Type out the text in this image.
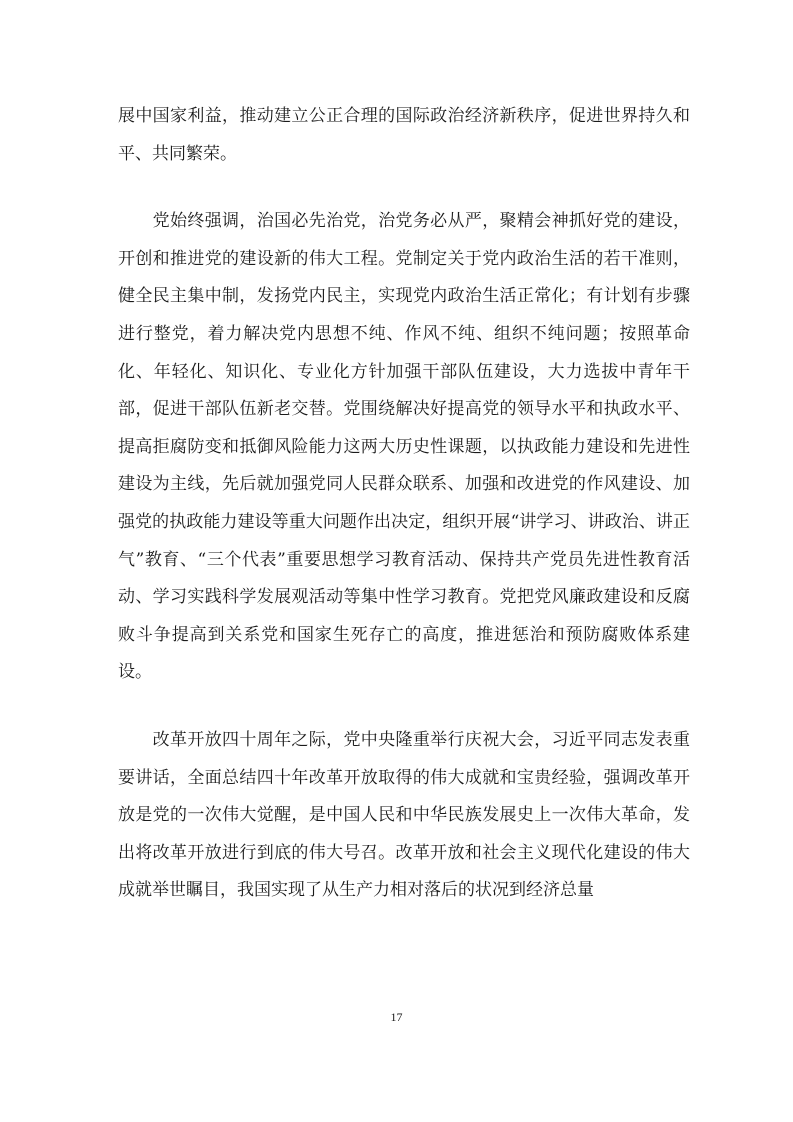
展中国家利益，推动建立公正合理的国际政治经济新秩序，促进世界持久和平、共同繁荣。

　　党始终强调，治国必先治党，治党务必从严，聚精会神抓好党的建设，开创和推进党的建设新的伟大工程。党制定关于党内政治生活的若干准则，健全民主集中制，发扬党内民主，实现党内政治生活正常化；有计划有步骤进行整党，着力解决党内思想不纯、作风不纯、组织不纯问题；按照革命化、年轻化、知识化、专业化方针加强干部队伍建设，大力选拔中青年干部，促进干部队伍新老交替。党围绕解决好提高党的领导水平和执政水平、提高拒腐防变和抵御风险能力这两大历史性课题，以执政能力建设和先进性建设为主线，先后就加强党同人民群众联系、加强和改进党的作风建设、加强党的执政能力建设等重大问题作出决定，组织开展“讲学习、讲政治、讲正气”教育、“三个代表”重要思想学习教育活动、保持共产党员先进性教育活动、学习实践科学发展观活动等集中性学习教育。党把党风廉政建设和反腐败斗争提高到关系党和国家生死存亡的高度，推进惩治和预防腐败体系建设。

　　改革开放四十周年之际，党中央隆重举行庆祝大会，习近平同志发表重要讲话，全面总结四十年改革开放取得的伟大成就和宝贵经验，强调改革开放是党的一次伟大觉醒，是中国人民和中华民族发展史上一次伟大革命，发出将改革开放进行到底的伟大号召。改革开放和社会主义现代化建设的伟大成就举世瞩目，我国实现了从生产力相对落后的状况到经济总量

17
